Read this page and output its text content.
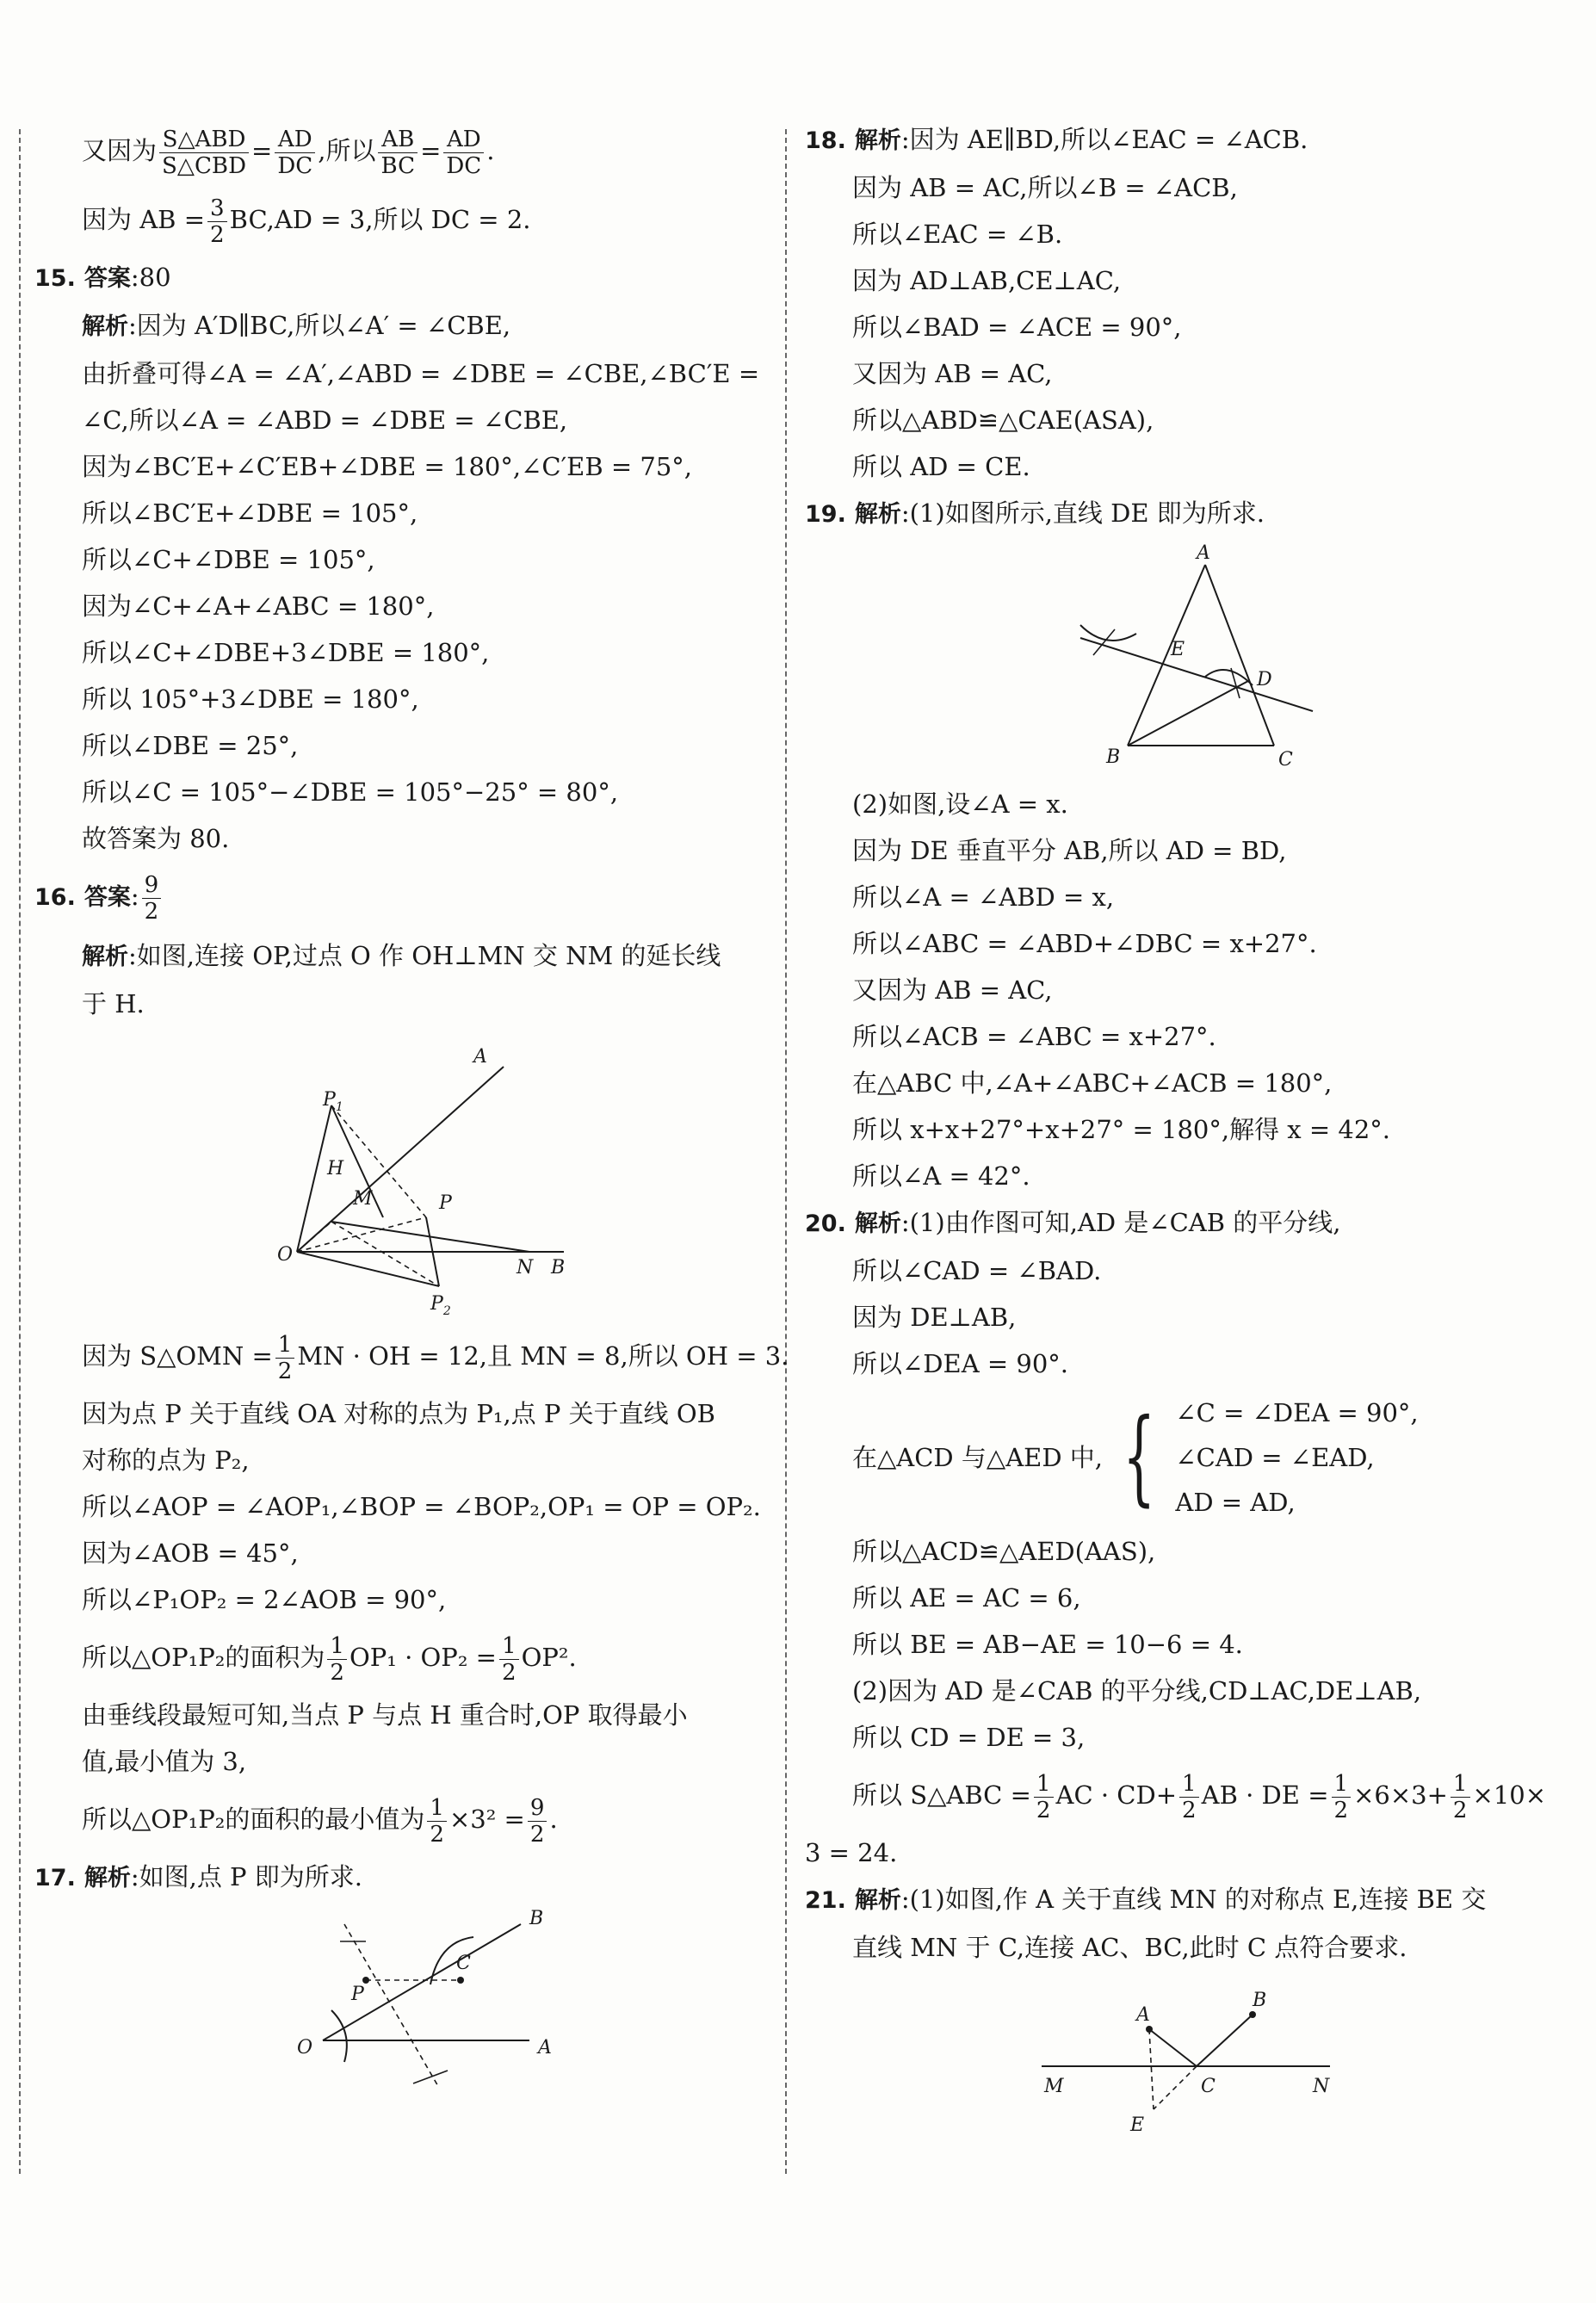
又因为 $\frac{\text{S△ABD}}{\text{S△CBD}} = \frac{AD}{DC}$ ,所以 $\frac{AB}{BC} = \frac{AD}{DC}$ .
因为 AB = $\frac{3}{2} BC,AD = 3$,所以 DC = 2.
15. 答案:80
解析:因为 A′D∥BC,所以∠A′ = ∠CBE,
由折叠可得∠A = ∠A′,∠ABD = ∠DBE = ∠CBE,∠BC′E =
∠C,所以∠A = ∠ABD = ∠DBE = ∠CBE,
因为∠BC′E+∠C′EB+∠DBE = 180°,∠C′EB = 75°,
所以∠BC′E+∠DBE = 105°,
所以∠C+∠DBE = 105°,
因为∠C+∠A+∠ABC = 180°,
所以∠C+∠DBE+3∠DBE = 180°,
所以 105°+3∠DBE = 180°,
所以∠DBE = 25°,
所以∠C = 105°−∠DBE = 105°−25° = 80°,
故答案为 80.
16. 答案: $\frac{9}{2}$
解析:如图,连接 OP,过点 O 作 OH⊥MN 交 NM 的延长线
于 H.
A
$P_1$
H
M	P
O
N B
$P_2$
因为 S△OMN = $\frac{1}{2}$ MN · OH = 12,且 MN = 8,所以 OH = 3.
因为点 P 关于直线 OA 对称的点为 P₁,点 P 关于直线 OB
对称的点为 P₂,
所以∠AOP = ∠AOP₁,∠BOP = ∠BOP₂,OP₁ = OP = OP₂.
因为∠AOB = 45°,
所以∠P₁OP₂ = 2∠AOB = 90°,
所以△OP₁P₂的面积为 $\frac{1}{2} OP_1 \cdot OP_2 = \frac{1}{2} OP^2$.
由垂线段最短可知,当点 P 与点 H 重合时,OP 取得最小
值,最小值为 3,
所以△OP₁P₂的面积的最小值为 $\frac{1}{2} \times 3^2 = \frac{9}{2}$ .
17. 解析:如图,点 P 即为所求.
B
C
P
O	A
18. 解析:因为 AE∥BD,所以∠EAC = ∠ACB.
因为 AB = AC,所以∠B = ∠ACB,
所以∠EAC = ∠B.
因为 AD⊥AB,CE⊥AC,
所以∠BAD = ∠ACE = 90°,
又因为 AB = AC,
所以△ABD≌△CAE(ASA),
所以 AD = CE.
19. 解析:(1)如图所示,直线 DE 即为所求.
A
E
D
B	C
(2)如图,设∠A = x.
因为 DE 垂直平分 AB,所以 AD = BD,
所以∠A = ∠ABD = x,
所以∠ABC = ∠ABD+∠DBC = x+27°.
又因为 AB = AC,
所以∠ACB = ∠ABC = x+27°.
在△ABC 中,∠A+∠ABC+∠ACB = 180°,
所以 x+x+27°+x+27° = 180°,解得 x = 42°.
所以∠A = 42°.
20. 解析:(1)由作图可知,AD 是∠CAB 的平分线,
所以∠CAD = ∠BAD.
因为 DE⊥AB,
所以∠DEA = 90°.
在△ACD 与△AED 中, { ∠C = ∠DEA = 90°,
∠CAD = ∠EAD,
AD = AD,
所以△ACD≌△AED(AAS),
所以 AE = AC = 6,
所以 BE = AB−AE = 10−6 = 4.
(2)因为 AD 是∠CAB 的平分线,CD⊥AC,DE⊥AB,
所以 CD = DE = 3,
所以 S△ABC = $\frac{1}{2}$ AC · $CD+ \frac{1}{2}$ AB · DE = $\frac{1}{2} \times 6\times 3+ \frac{1}{2} \times 10\times$
3 = 24.
21. 解析:(1)如图,作 A 关于直线 MN 的对称点 E,连接 BE 交
直线 MN 于 C,连接 AC、BC,此时 C 点符合要求.
A
B
M	C	N
E
